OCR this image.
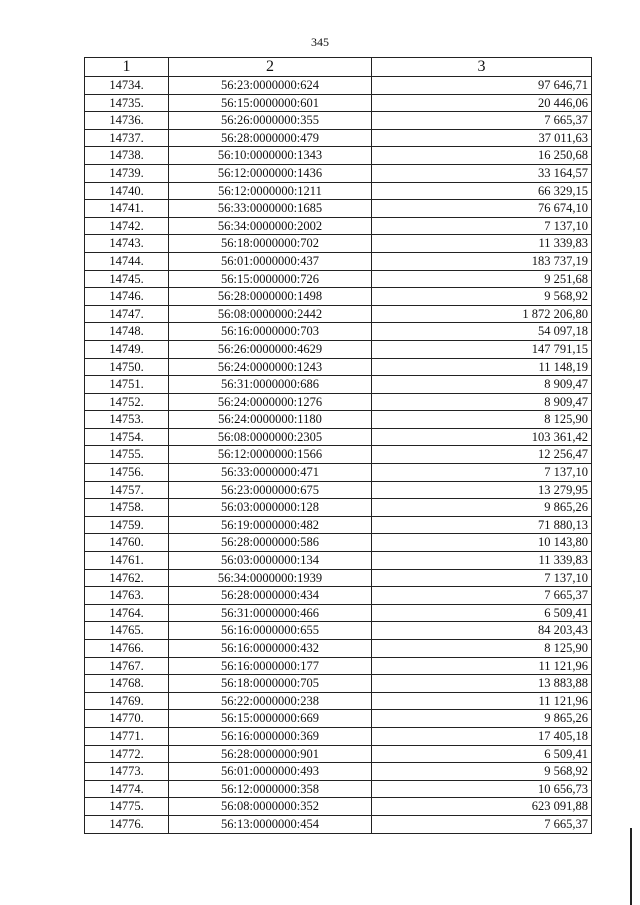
345
1	2	3
14734.	56:23:0000000:624	97 646,71
14735.	56:15:0000000:601	20 446,06
14736.	56:26:0000000:355	7 665,37
14737.	56:28:0000000:479	37 011,63
14738.	56:10:0000000:1343	16 250,68
14739.	56:12:0000000:1436	33 164,57
14740.	56:12:0000000:1211	66 329,15
14741.	56:33:0000000:1685	76 674,10
14742.	56:34:0000000:2002	7 137,10
14743.	56:18:0000000:702	11 339,83
14744.	56:01:0000000:437	183 737,19
14745.	56:15:0000000:726	9 251,68
14746.	56:28:0000000:1498	9 568,92
14747.	56:08:0000000:2442	1 872 206,80
14748.	56:16:0000000:703	54 097,18
14749.	56:26:0000000:4629	147 791,15
14750.	56:24:0000000:1243	11 148,19
14751.	56:31:0000000:686	8 909,47
14752.	56:24:0000000:1276	8 909,47
14753.	56:24:0000000:1180	8 125,90
14754.	56:08:0000000:2305	103 361,42
14755.	56:12:0000000:1566	12 256,47
14756.	56:33:0000000:471	7 137,10
14757.	56:23:0000000:675	13 279,95
14758.	56:03:0000000:128	9 865,26
14759.	56:19:0000000:482	71 880,13
14760.	56:28:0000000:586	10 143,80
14761.	56:03:0000000:134	11 339,83
14762.	56:34:0000000:1939	7 137,10
14763.	56:28:0000000:434	7 665,37
14764.	56:31:0000000:466	6 509,41
14765.	56:16:0000000:655	84 203,43
14766.	56:16:0000000:432	8 125,90
14767.	56:16:0000000:177	11 121,96
14768.	56:18:0000000:705	13 883,88
14769.	56:22:0000000:238	11 121,96
14770.	56:15:0000000:669	9 865,26
14771.	56:16:0000000:369	17 405,18
14772.	56:28:0000000:901	6 509,41
14773.	56:01:0000000:493	9 568,92
14774.	56:12:0000000:358	10 656,73
14775.	56:08:0000000:352	623 091,88
14776.	56:13:0000000:454	7 665,37
